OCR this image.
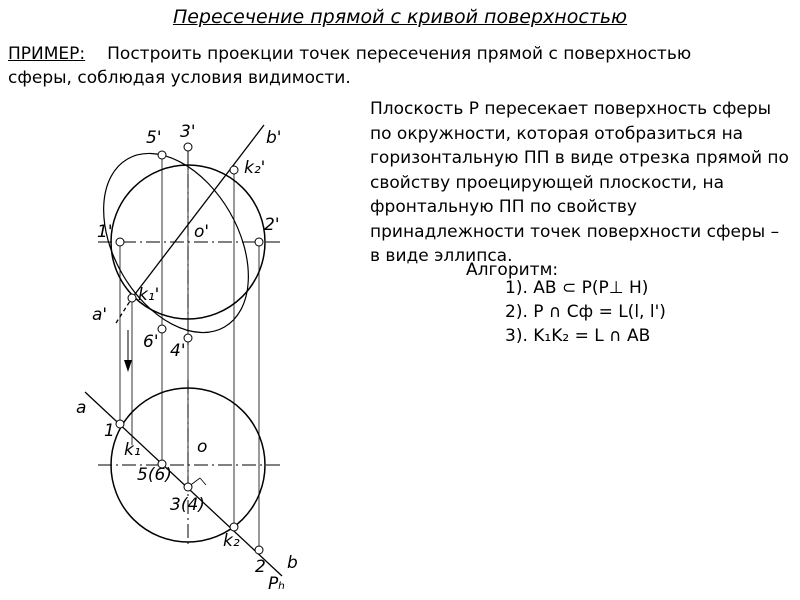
Пересечение прямой с кривой поверхностью
ПРИМЕР: Построить проекции точек пересечения прямой с поверхностью сферы, соблюдая условия видимости.
Плоскость P пересекает поверхность сферы по окружности, которая отобразиться на горизонтальную ПП в виде отрезка прямой по свойству проецирующей плоскости, на фронтальную ПП по свойству принадлежности точек поверхности сферы – в виде эллипса.
Алгоритм:
1). AB ⊂ P(P⊥ H)
2). P ∩ Cф = L(l, l')
3). K₁K₂ = L ∩ AB
5' 3'	b'
k₂'
1'	o'	2'
a'
k₁'
6' 4'
a
1
k₁	o
5(6)
3(4)
k₂
2 b
Pₕ
